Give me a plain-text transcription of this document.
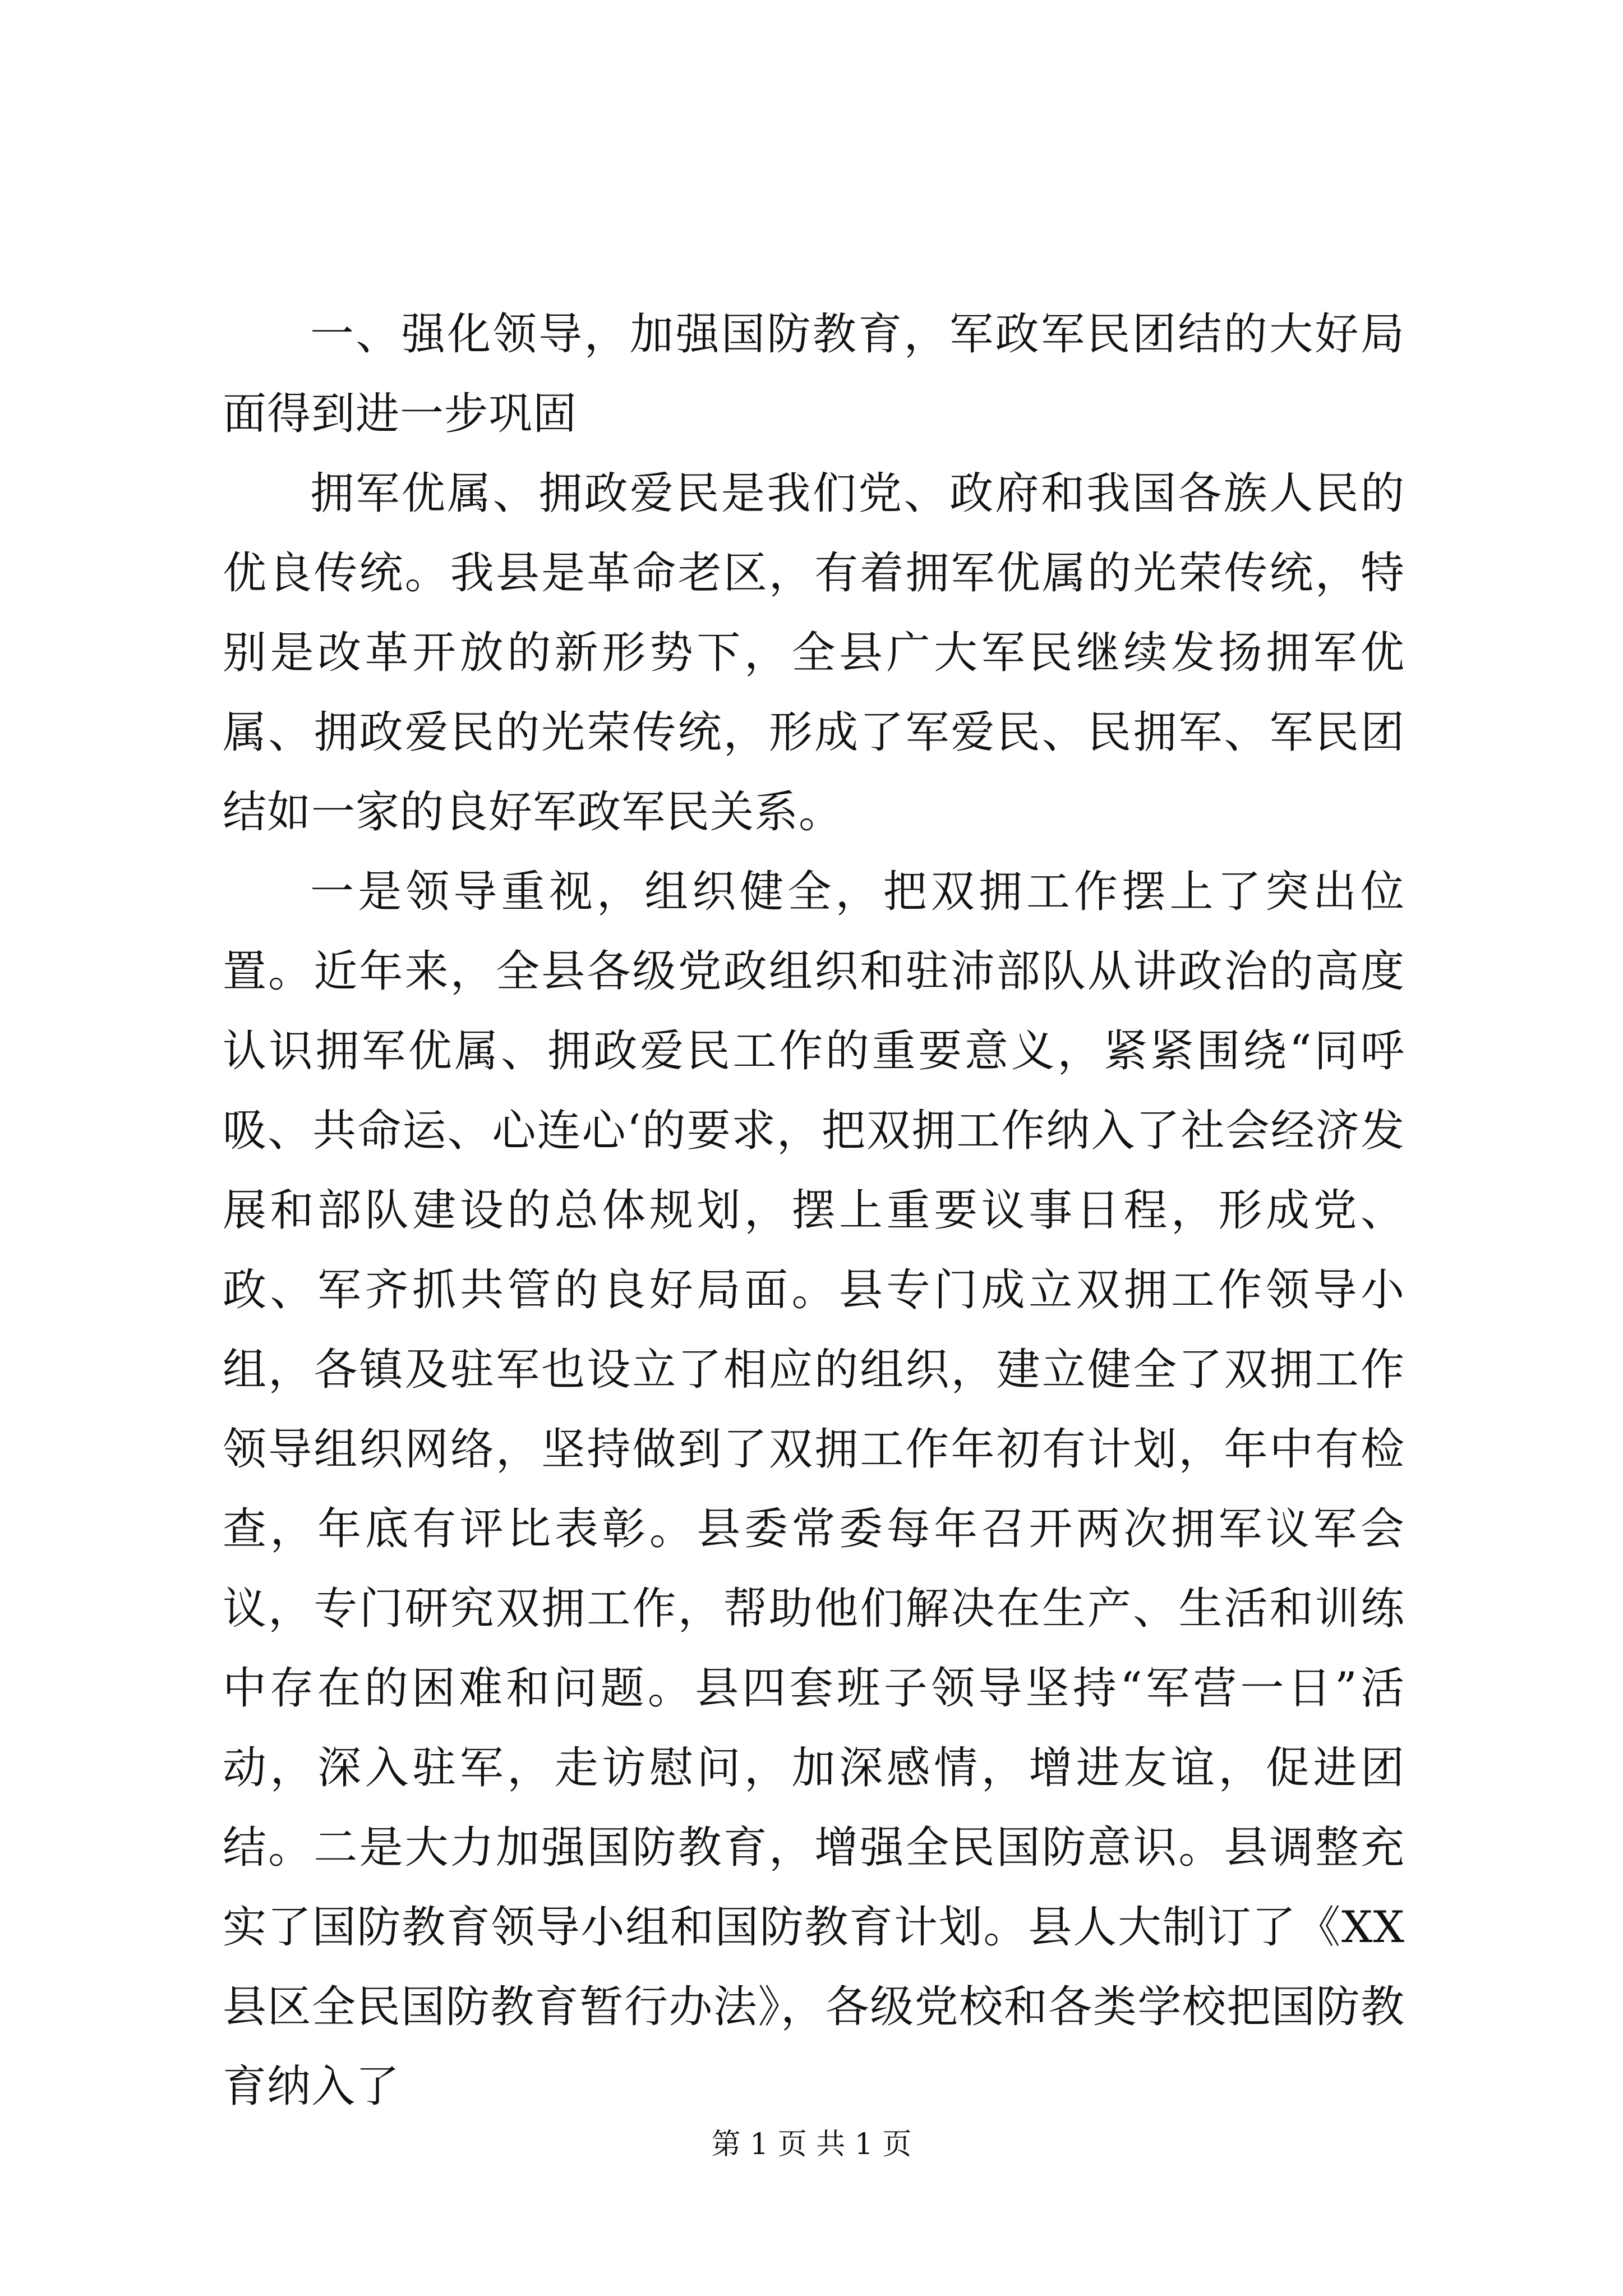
一、强化领导，加强国防教育，军政军民团结的大好局面得到进一步巩固

拥军优属、拥政爱民是我们党、政府和我国各族人民的优良传统。我县是革命老区，有着拥军优属的光荣传统，特别是改革开放的新形势下，全县广大军民继续发扬拥军优属、拥政爱民的光荣传统，形成了军爱民、民拥军、军民团结如一家的良好军政军民关系。

一是领导重视，组织健全，把双拥工作摆上了突出位置。近年来，全县各级党政组织和驻沛部队从讲政治的高度认识拥军优属、拥政爱民工作的重要意义，紧紧围绕“同呼吸、共命运、心连心‘的要求，把双拥工作纳入了社会经济发展和部队建设的总体规划，摆上重要议事日程，形成党、政、军齐抓共管的良好局面。县专门成立双拥工作领导小组，各镇及驻军也设立了相应的组织，建立健全了双拥工作领导组织网络，坚持做到了双拥工作年初有计划，年中有检查，年底有评比表彰。县委常委每年召开两次拥军议军会议，专门研究双拥工作，帮助他们解决在生产、生活和训练中存在的困难和问题。县四套班子领导坚持“军营一日”活动，深入驻军，走访慰问，加深感情，增进友谊，促进团结。二是大力加强国防教育，增强全民国防意识。县调整充实了国防教育领导小组和国防教育计划。县人大制订了《XX县区全民国防教育暂行办法》，各级党校和各类学校把国防教育纳入了

第 1 页 共 1 页
